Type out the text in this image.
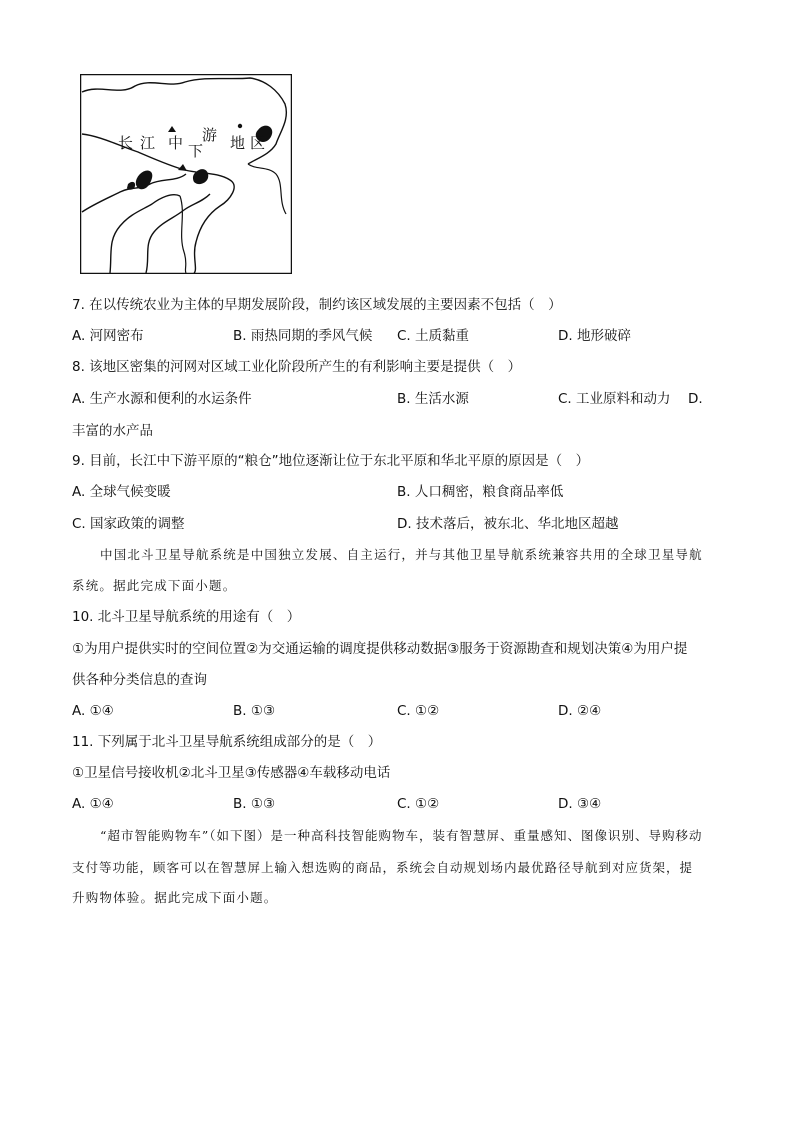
长 江 中 下
游 地 区
7. 在以传统农业为主体的早期发展阶段，制约该区域发展的主要因素不包括（　）
A. 河网密布	B. 雨热同期的季风气候 C. 土质黏重	D. 地形破碎
8. 该地区密集的河网对区域工业化阶段所产生的有利影响主要是提供（　）
A. 生产水源和便利的水运条件	B. 生活水源	C. 工业原料和动力 D.
丰富的水产品
9. 目前，长江中下游平原的“粮仓”地位逐渐让位于东北平原和华北平原的原因是（　）
A. 全球气候变暖	B. 人口稠密，粮食商品率低
C. 国家政策的调整	D. 技术落后，被东北、华北地区超越
中国北斗卫星导航系统是中国独立发展、自主运行，并与其他卫星导航系统兼容共用的全球卫星导航
系统。据此完成下面小题。
10. 北斗卫星导航系统的用途有（　）
①为用户提供实时的空间位置②为交通运输的调度提供移动数据③服务于资源勘查和规划决策④为用户提
供各种分类信息的查询
A. ①④	B. ①③	C. ①②	D. ②④
11. 下列属于北斗卫星导航系统组成部分的是（　）
①卫星信号接收机②北斗卫星③传感器④车载移动电话
A. ①④	B. ①③	C. ①②	D. ③④
“超市智能购物车”（如下图）是一种高科技智能购物车，装有智慧屏、重量感知、图像识别、导购移动
支付等功能，顾客可以在智慧屏上输入想选购的商品，系统会自动规划场内最优路径导航到对应货架，提
升购物体验。据此完成下面小题。
